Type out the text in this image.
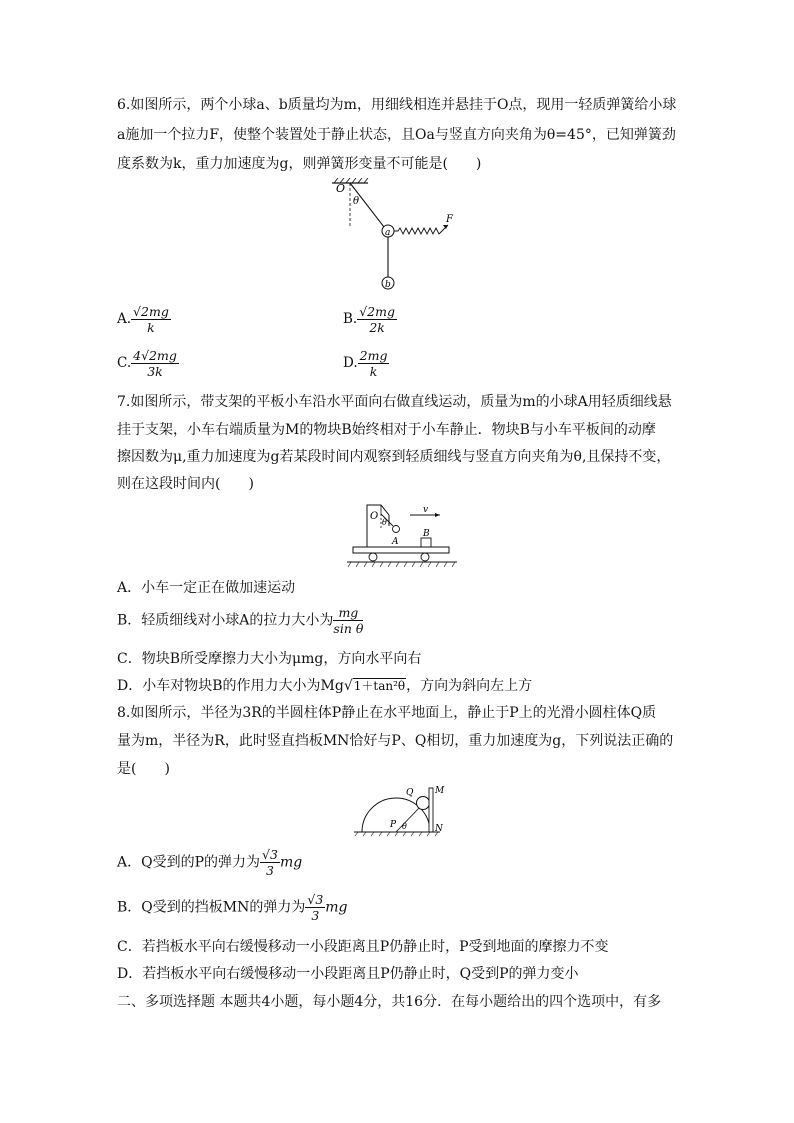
6.如图所示，两个小球a、b质量均为m，用细线相连并悬挂于O点，现用一轻质弹簧给小球
a施加一个拉力F，使整个装置处于静止状态，且Oa与竖直方向夹角为θ=45°，已知弹簧劲
度系数为k，重力加速度为g，则弹簧形变量不可能是(　　)
O
θ
a
b
F
A. $\frac{√2mg}{k}$	B. $\frac{√2mg}{2k}$
C. $\frac{4√2mg}{3k}$	D. $\frac{2mg}{k}$
7.如图所示，带支架的平板小车沿水平面向右做直线运动，质量为m的小球A用轻质细线悬
挂于支架，小车右端质量为M的物块B始终相对于小车静止．物块B与小车平板间的动摩
擦因数为μ,重力加速度为g若某段时间内观察到轻质细线与竖直方向夹角为θ,且保持不变，
则在这段时间内(　　)
O
θ
A
B
v
A．小车一定正在做加速运动
B．轻质细线对小球A的拉力大小为 $\frac{mg}{\text{sin θ}}$
C．物块B所受摩擦力大小为μmg，方向水平向右
D．小车对物块B的作用力大小为Mg√1＋tan²θ，方向为斜向左上方
8.如图所示，半径为3R的半圆柱体P静止在水平地面上，静止于P上的光滑小圆柱体Q质
量为m，半径为R，此时竖直挡板MN恰好与P、Q相切，重力加速度为g，下列说法正确的
是(　　)
Q M
N
P θ
A．Q受到的P的弹力为 $\frac{√3}{3}$ mg
B．Q受到的挡板MN的弹力为 $\frac{√3}{3}$ mg
C．若挡板水平向右缓慢移动一小段距离且P仍静止时，P受到地面的摩擦力不变
D．若挡板水平向右缓慢移动一小段距离且P仍静止时，Q受到P的弹力变小
二、多项选择题 本题共4小题，每小题4分，共16分．在每小题给出的四个选项中，有多
